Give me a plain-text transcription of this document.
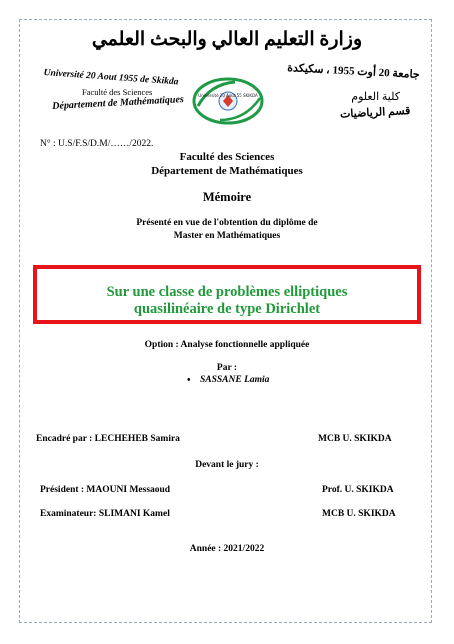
وزارة التعليم العالي والبحث العلمي
Université 20 Aout 1955 de Skikda
Faculté des Sciences
Département de Mathématiques	Université 20 Août 55 SKIKDA
جامعة 20 أوت 1955 ، سكيكدة
كلية العلوم
قسم الرياضيات
N° : U.S/F.S/D.M/……/2022.
Faculté des Sciences
Département de Mathématiques
Mémoire
Présenté en vue de l'obtention du diplôme de
Master en Mathématiques
Sur une classe de problèmes elliptiques
quasilinéaire de type Dirichlet
Option : Analyse fonctionnelle appliquée
Par :
• SASSANE Lamia
Encadré par : LECHEHEB Samira	MCB U. SKIKDA
Devant le jury :
Président : MAOUNI Messaoud	Prof. U. SKIKDA
Examinateur: SLIMANI Kamel	MCB U. SKIKDA
Année : 2021/2022
